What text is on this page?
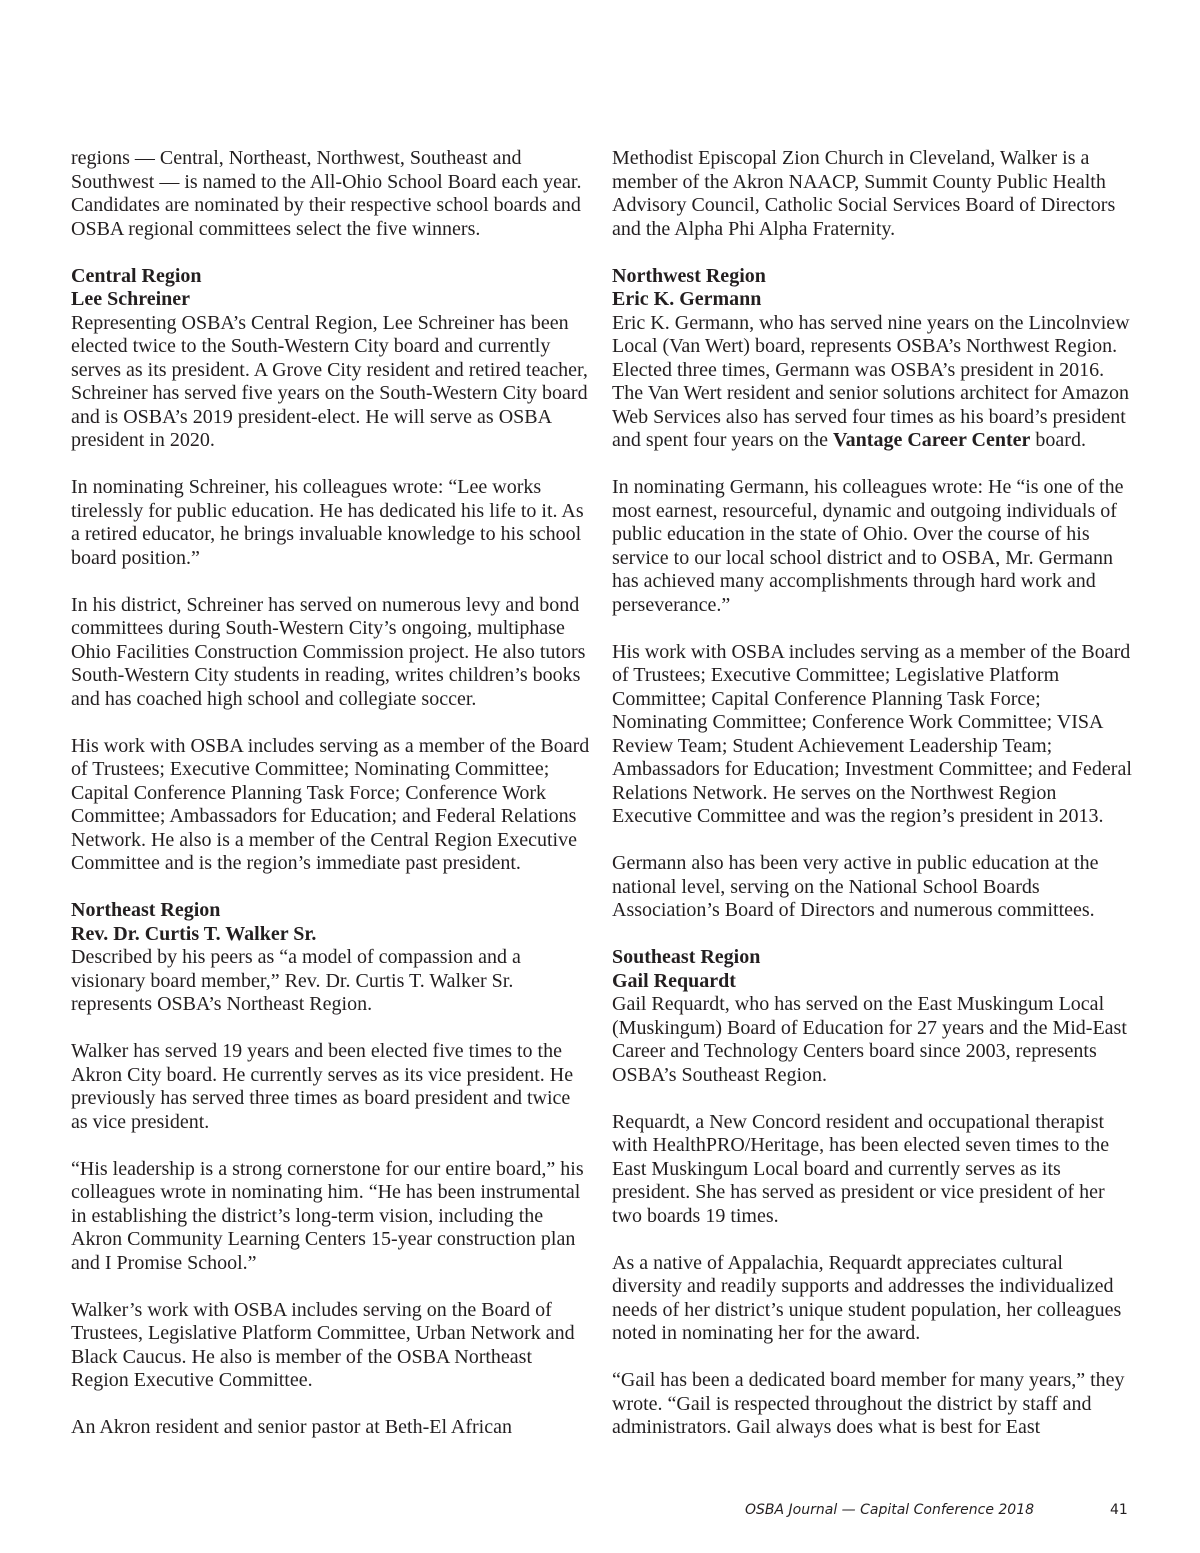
regions — Central, Northeast, Northwest, Southeast and Southwest — is named to the All-Ohio School Board each year. Candidates are nominated by their respective school boards and OSBA regional committees select the five winners.

Central Region
Lee Schreiner

Representing OSBA’s Central Region, Lee Schreiner has been elected twice to the South-Western City board and currently serves as its president. A Grove City resident and retired teacher, Schreiner has served five years on the South-Western City board and is OSBA’s 2019 president-elect. He will serve as OSBA president in 2020.

In nominating Schreiner, his colleagues wrote: “Lee works tirelessly for public education. He has dedicated his life to it. As a retired educator, he brings invaluable knowledge to his school board position.”

In his district, Schreiner has served on numerous levy and bond committees during South-Western City’s ongoing, multiphase Ohio Facilities Construction Commission project. He also tutors South-Western City students in reading, writes children’s books and has coached high school and collegiate soccer.

His work with OSBA includes serving as a member of the Board of Trustees; Executive Committee; Nominating Committee; Capital Conference Planning Task Force; Conference Work Committee; Ambassadors for Education; and Federal Relations Network. He also is a member of the Central Region Executive Committee and is the region’s immediate past president.

Northeast Region
Rev. Dr. Curtis T. Walker Sr.

Described by his peers as “a model of compassion and a visionary board member,” Rev. Dr. Curtis T. Walker Sr. represents OSBA’s Northeast Region.

Walker has served 19 years and been elected five times to the Akron City board. He currently serves as its vice president. He previously has served three times as board president and twice as vice president.

“His leadership is a strong cornerstone for our entire board,” his colleagues wrote in nominating him. “He has been instrumental in establishing the district’s long-term vision, including the Akron Community Learning Centers 15-year construction plan and I Promise School.”

Walker’s work with OSBA includes serving on the Board of Trustees, Legislative Platform Committee, Urban Network and Black Caucus. He also is member of the OSBA Northeast Region Executive Committee.

An Akron resident and senior pastor at Beth-El African

Methodist Episcopal Zion Church in Cleveland, Walker is a member of the Akron NAACP, Summit County Public Health Advisory Council, Catholic Social Services Board of Directors and the Alpha Phi Alpha Fraternity.

Northwest Region
Eric K. Germann

Eric K. Germann, who has served nine years on the Lincolnview Local (Van Wert) board, represents OSBA’s Northwest Region. Elected three times, Germann was OSBA’s president in 2016. The Van Wert resident and senior solutions architect for Amazon Web Services also has served four times as his board’s president and spent four years on the Vantage Career Center board.

In nominating Germann, his colleagues wrote: He “is one of the most earnest, resourceful, dynamic and outgoing individuals of public education in the state of Ohio. Over the course of his service to our local school district and to OSBA, Mr. Germann has achieved many accomplishments through hard work and perseverance.”

His work with OSBA includes serving as a member of the Board of Trustees; Executive Committee; Legislative Platform Committee; Capital Conference Planning Task Force; Nominating Committee; Conference Work Committee; VISA Review Team; Student Achievement Leadership Team; Ambassadors for Education; Investment Committee; and Federal Relations Network. He serves on the Northwest Region Executive Committee and was the region’s president in 2013.

Germann also has been very active in public education at the national level, serving on the National School Boards Association’s Board of Directors and numerous committees.

Southeast Region
Gail Requardt

Gail Requardt, who has served on the East Muskingum Local (Muskingum) Board of Education for 27 years and the Mid-East Career and Technology Centers board since 2003, represents OSBA’s Southeast Region.

Requardt, a New Concord resident and occupational therapist with HealthPRO/Heritage, has been elected seven times to the East Muskingum Local board and currently serves as its president. She has served as president or vice president of her two boards 19 times.

As a native of Appalachia, Requardt appreciates cultural diversity and readily supports and addresses the individualized needs of her district’s unique student population, her colleagues noted in nominating her for the award.

“Gail has been a dedicated board member for many years,” they wrote. “Gail is respected throughout the district by staff and administrators. Gail always does what is best for East

OSBA Journal — Capital Conference 2018	41
